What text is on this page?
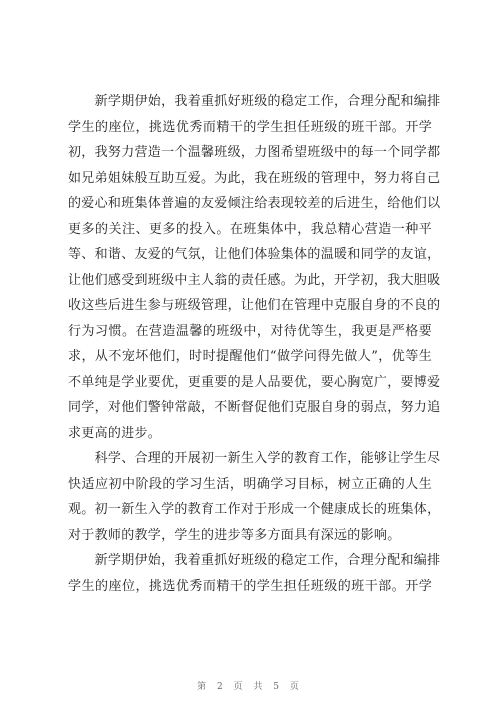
　　新学期伊始，我着重抓好班级的稳定工作，合理分配和编排
学生的座位，挑选优秀而精干的学生担任班级的班干部。开学
初，我努力营造一个温馨班级，力图希望班级中的每一个同学都
如兄弟姐妹般互助互爱。为此，我在班级的管理中，努力将自己
的爱心和班集体普遍的友爱倾注给表现较差的后进生，给他们以
更多的关注、更多的投入。在班集体中，我总精心营造一种平
等、和谐、友爱的气氛，让他们体验集体的温暖和同学的友谊，
让他们感受到班级中主人翁的责任感。为此，开学初，我大胆吸
收这些后进生参与班级管理，让他们在管理中克服自身的不良的
行为习惯。在营造温馨的班级中，对待优等生，我更是严格要
求，从不宠坏他们，时时提醒他们“做学问得先做人”，优等生
不单纯是学业要优，更重要的是人品要优，要心胸宽广，要博爱
同学，对他们警钟常敲，不断督促他们克服自身的弱点，努力追
求更高的进步。
　　科学、合理的开展初一新生入学的教育工作，能够让学生尽
快适应初中阶段的学习生活，明确学习目标，树立正确的人生
观。初一新生入学的教育工作对于形成一个健康成长的班集体，
对于教师的教学，学生的进步等多方面具有深远的影响。
　　新学期伊始，我着重抓好班级的稳定工作，合理分配和编排
学生的座位，挑选优秀而精干的学生担任班级的班干部。开学
第 2 页 共 5 页
